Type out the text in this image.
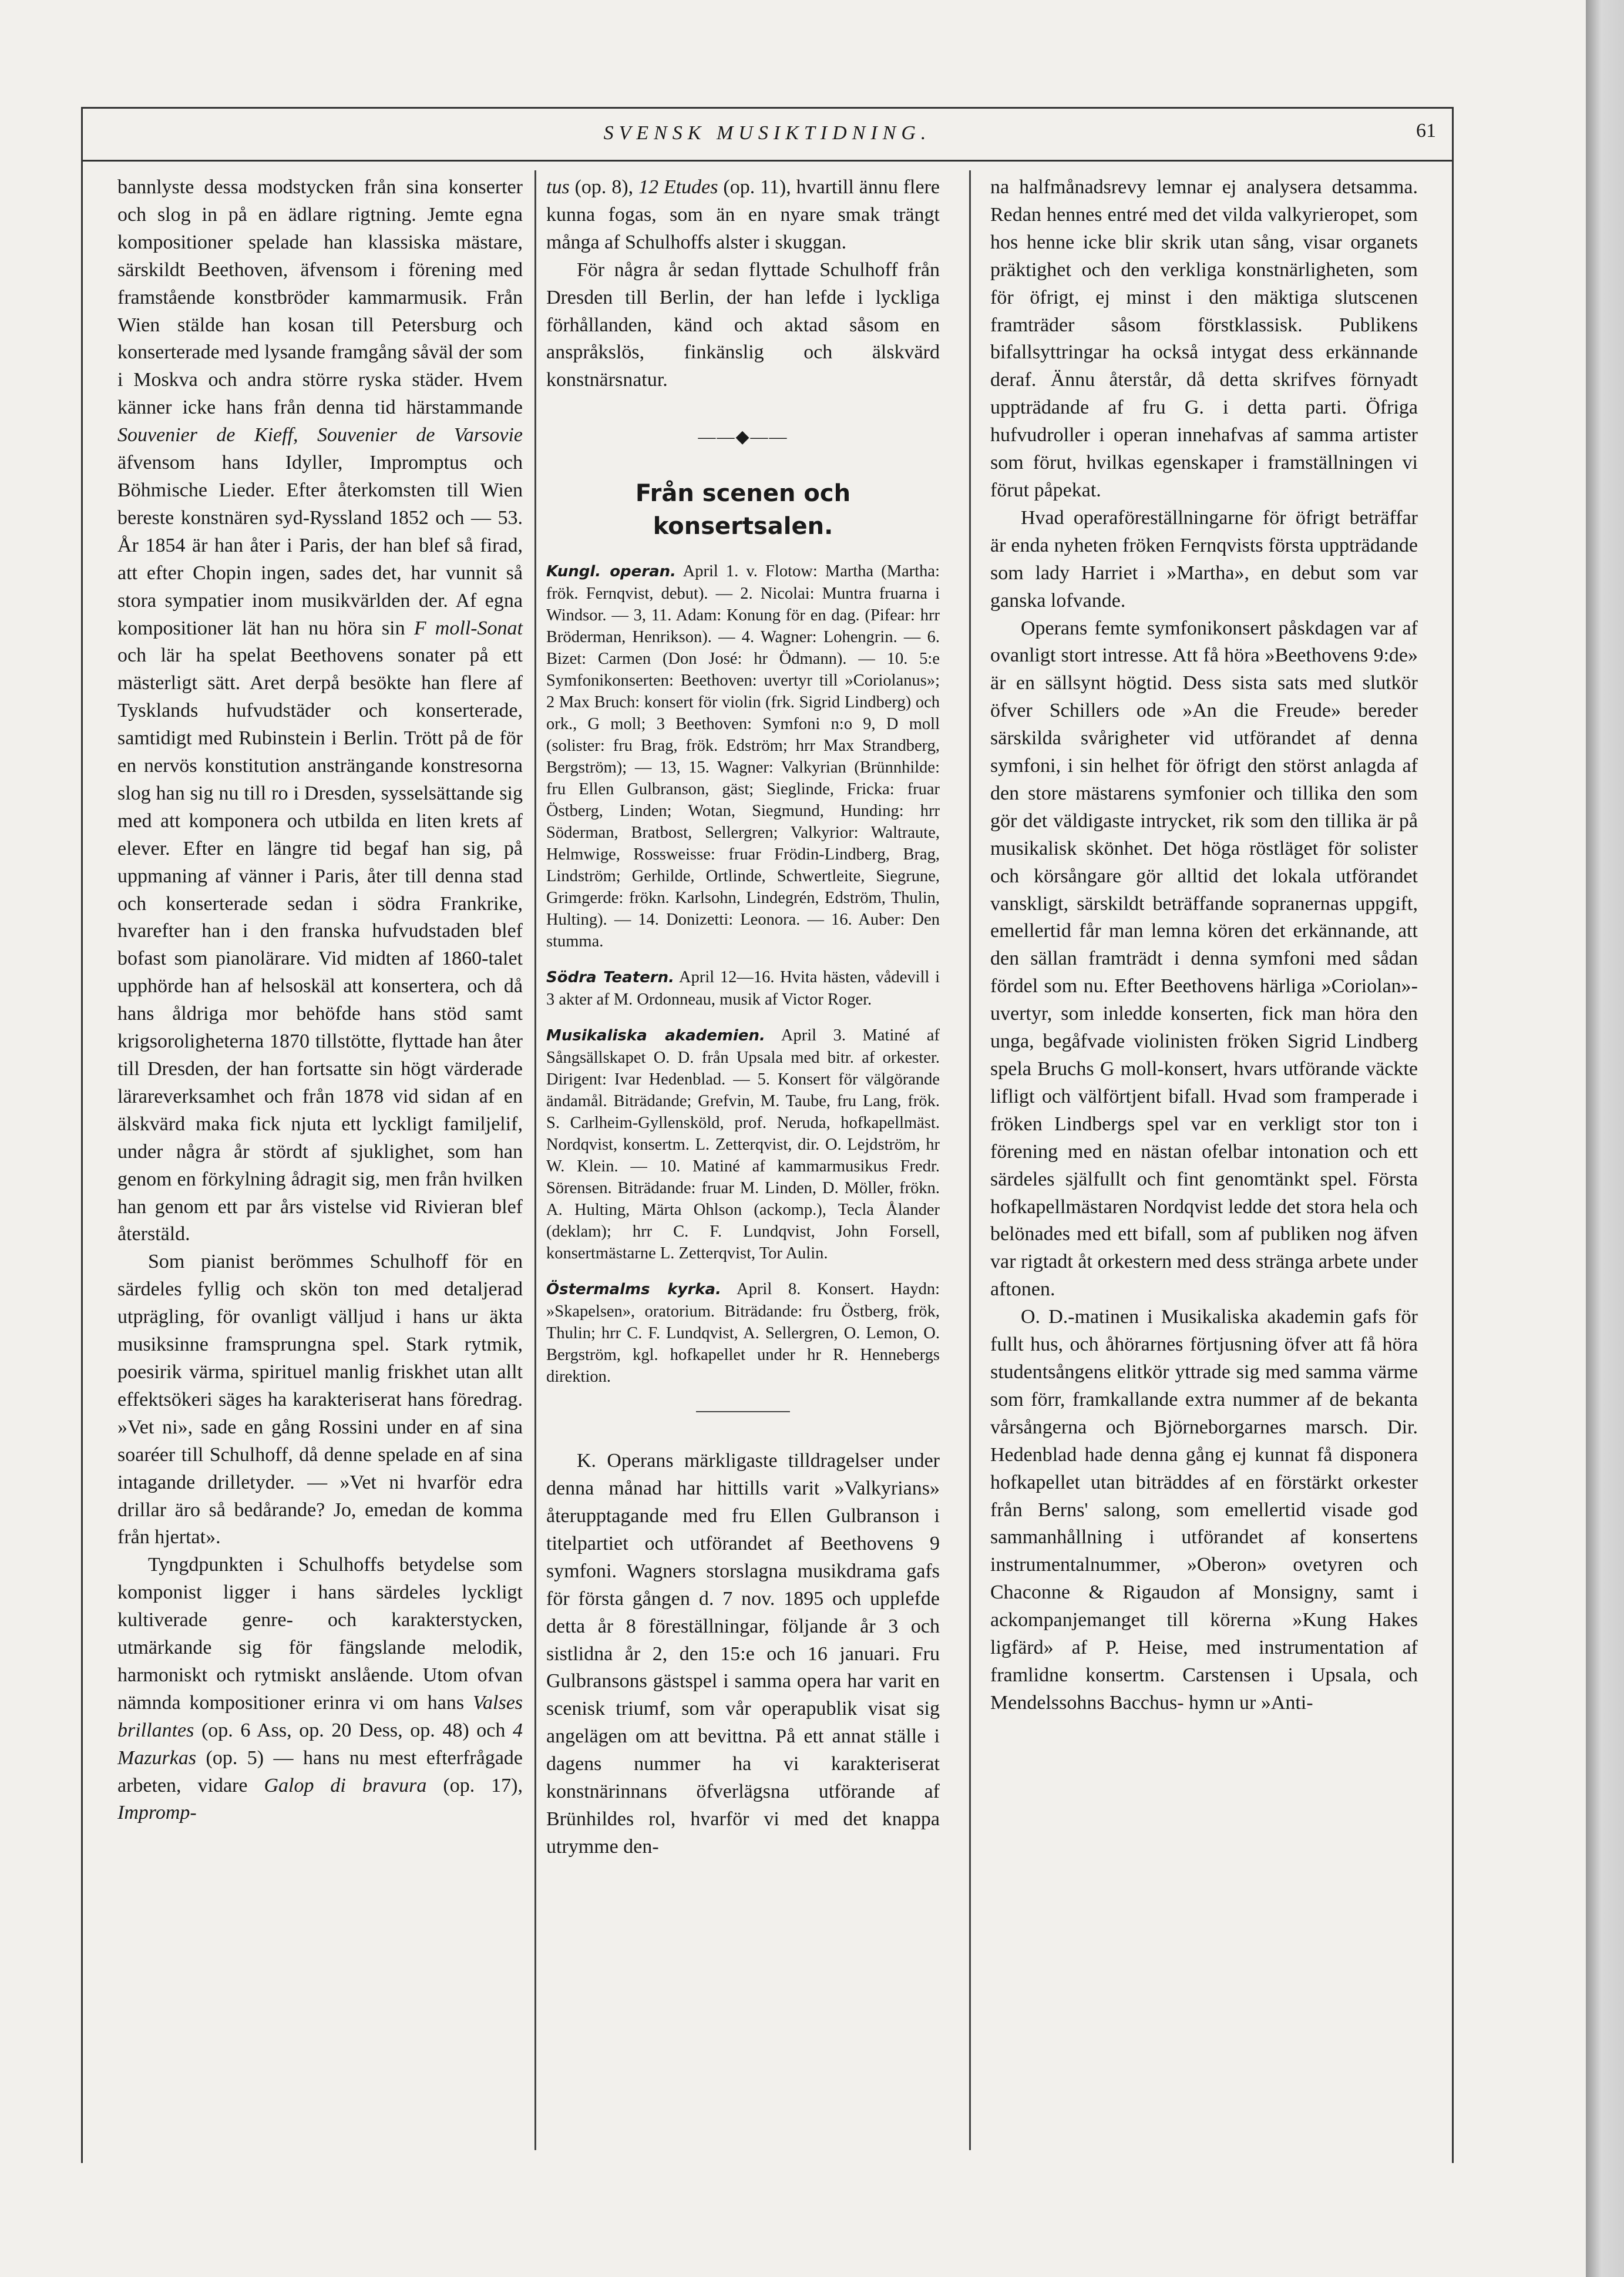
SVENSK MUSIKTIDNING.	61

bannlyste dessa modstycken från sina konserter och slog in på en ädlare rigtning. Jemte egna kompositioner spelade han klassiska mästare, särskildt Beethoven, äfvensom i förening med framstående konstbröder kammarmusik. Från Wien stälde han kosan till Petersburg och konserterade med lysande framgång såväl der som i Moskva och andra större ryska städer. Hvem känner icke hans från denna tid härstammande Souvenier de Kieff, Souvenier de Varsovie äfvensom hans Idyller, Impromptus och Böhmische Lieder. Efter återkomsten till Wien bereste konstnären syd-Ryssland 1852 och — 53. År 1854 är han åter i Paris, der han blef så firad, att efter Chopin ingen, sades det, har vunnit så stora sympatier inom musikvärlden der. Af egna kompositioner lät han nu höra sin F moll-Sonat och lär ha spelat Beethovens sonater på ett mästerligt sätt. Aret derpå besökte han flere af Tysklands hufvudstäder och konserterade, samtidigt med Rubinstein i Berlin. Trött på de för en nervös konstitution ansträngande konstresorna slog han sig nu till ro i Dresden, sysselsättande sig med att komponera och utbilda en liten krets af elever. Efter en längre tid begaf han sig, på uppmaning af vänner i Paris, åter till denna stad och konserterade sedan i södra Frankrike, hvarefter han i den franska hufvudstaden blef bofast som pianolärare. Vid midten af 1860-talet upphörde han af helsoskäl att konsertera, och då hans åldriga mor behöfde hans stöd samt krigsoroligheterna 1870 tillstötte, flyttade han åter till Dresden, der han fortsatte sin högt värderade lärareverksamhet och från 1878 vid sidan af en älskvärd maka fick njuta ett lyckligt familjelif, under några år stördt af sjuklighet, som han genom en förkylning ådragit sig, men från hvilken han genom ett par års vistelse vid Rivieran blef återstäld.

Som pianist berömmes Schulhoff för en särdeles fyllig och skön ton med detaljerad utprägling, för ovanligt välljud i hans ur äkta musiksinne framsprungna spel. Stark rytmik, poesirik värma, spirituel manlig friskhet utan allt effektsökeri säges ha karakteriserat hans föredrag. »Vet ni», sade en gång Rossini under en af sina soaréer till Schulhoff, då denne spelade en af sina intagande drilletyder. — »Vet ni hvarför edra drillar äro så bedårande? Jo, emedan de komma från hjertat».

Tyngdpunkten i Schulhoffs betydelse som komponist ligger i hans särdeles lyckligt kultiverade genre- och karakterstycken, utmärkande sig för fängslande melodik, harmoniskt och rytmiskt anslående. Utom ofvan nämnda kompositioner erinra vi om hans Valses brillantes (op. 6 Ass, op. 20 Dess, op. 48) och 4 Mazurkas (op. 5) — hans nu mest efterfrågade arbeten, vidare Galop di bravura (op. 17), Impromp-

tus (op. 8), 12 Etudes (op. 11), hvartill ännu flere kunna fogas, som än en nyare smak trängt många af Schulhoffs alster i skuggan.

För några år sedan flyttade Schulhoff från Dresden till Berlin, der han lefde i lyckliga förhållanden, känd och aktad såsom en anspråkslös, finkänslig och älskvärd konstnärsnatur.

——◆——
Från scenen och konsertsalen.

Kungl. operan. April 1. v. Flotow: Martha (Martha: frök. Fernqvist, debut). — 2. Nicolai: Muntra fruarna i Windsor. — 3, 11. Adam: Konung för en dag. (Pifear: hrr Bröderman, Henrikson). — 4. Wagner: Lohengrin. — 6. Bizet: Carmen (Don José: hr Ödmann). — 10. 5:e Symfonikonserten: Beethoven: uvertyr till »Coriolanus»; 2 Max Bruch: konsert för violin (frk. Sigrid Lindberg) och ork., G moll; 3 Beethoven: Symfoni n:o 9, D moll (solister: fru Brag, frök. Edström; hrr Max Strandberg, Bergström); — 13, 15. Wagner: Valkyrian (Brünnhilde: fru Ellen Gulbranson, gäst; Sieglinde, Fricka: fruar Östberg, Linden; Wotan, Siegmund, Hunding: hrr Söderman, Bratbost, Sellergren; Valkyrior: Waltraute, Helmwige, Rossweisse: fruar Frödin-Lindberg, Brag, Lindström; Gerhilde, Ortlinde, Schwertleite, Siegrune, Grimgerde: frökn. Karlsohn, Lindegrén, Edström, Thulin, Hulting). — 14. Donizetti: Leonora. — 16. Auber: Den stumma.

Södra Teatern. April 12—16. Hvita hästen, vådevill i 3 akter af M. Ordonneau, musik af Victor Roger.

Musikaliska akademien. April 3. Matiné af Sångsällskapet O. D. från Upsala med bitr. af orkester. Dirigent: Ivar Hedenblad. — 5. Konsert för välgörande ändamål. Biträdande; Grefvin, M. Taube, fru Lang, frök. S. Carlheim-Gyllensköld, prof. Neruda, hofkapellmäst. Nordqvist, konsertm. L. Zetterqvist, dir. O. Lejdström, hr W. Klein. — 10. Matiné af kammarmusikus Fredr. Sörensen. Biträdande: fruar M. Linden, D. Möller, frökn. A. Hulting, Märta Ohlson (ackomp.), Tecla Ålander (deklam); hrr C. F. Lundqvist, John Forsell, konsertmästarne L. Zetterqvist, Tor Aulin.

Östermalms kyrka. April 8. Konsert. Haydn: »Skapelsen», oratorium. Biträdande: fru Östberg, frök, Thulin; hrr C. F. Lundqvist, A. Sellergren, O. Lemon, O. Bergström, kgl. hofkapellet under hr R. Hennebergs direktion.

K. Operans märkligaste tilldragelser under denna månad har hittills varit »Valkyrians» återupptagande med fru Ellen Gulbranson i titelpartiet och utförandet af Beethovens 9 symfoni. Wagners storslagna musikdrama gafs för första gången d. 7 nov. 1895 och upplefde detta år 8 föreställningar, följande år 3 och sistlidna år 2, den 15:e och 16 januari. Fru Gulbransons gästspel i samma opera har varit en scenisk triumf, som vår operapublik visat sig angelägen om att bevittna. På ett annat ställe i dagens nummer ha vi karakteriserat konstnärinnans öfverlägsna utförande af Brünhildes rol, hvarför vi med det knappa utrymme den-

na halfmånadsrevy lemnar ej analysera detsamma. Redan hennes entré med det vilda valkyrieropet, som hos henne icke blir skrik utan sång, visar organets präktighet och den verkliga konstnärligheten, som för öfrigt, ej minst i den mäktiga slutscenen framträder såsom förstklassisk. Publikens bifallsyttringar ha också intygat dess erkännande deraf. Ännu återstår, då detta skrifves förnyadt uppträdande af fru G. i detta parti. Öfriga hufvudroller i operan innehafvas af samma artister som förut, hvilkas egenskaper i framställningen vi förut påpekat.

Hvad operaföreställningarne för öfrigt beträffar är enda nyheten fröken Fernqvists första uppträdande som lady Harriet i »Martha», en debut som var ganska lofvande.

Operans femte symfonikonsert påskdagen var af ovanligt stort intresse. Att få höra »Beethovens 9:de» är en sällsynt högtid. Dess sista sats med slutkör öfver Schillers ode »An die Freude» bereder särskilda svårigheter vid utförandet af denna symfoni, i sin helhet för öfrigt den störst anlagda af den store mästarens symfonier och tillika den som gör det väldigaste intrycket, rik som den tillika är på musikalisk skönhet. Det höga röstläget för solister och körsångare gör alltid det lokala utförandet vanskligt, särskildt beträffande sopranernas uppgift, emellertid får man lemna kören det erkännande, att den sällan framträdt i denna symfoni med sådan fördel som nu. Efter Beethovens härliga »Coriolan»-uvertyr, som inledde konserten, fick man höra den unga, begåfvade violinisten fröken Sigrid Lindberg spela Bruchs G moll-konsert, hvars utförande väckte lifligt och välförtjent bifall. Hvad som framperade i fröken Lindbergs spel var en verkligt stor ton i förening med en nästan ofelbar intonation och ett särdeles själfullt och fint genomtänkt spel. Första hofkapellmästaren Nordqvist ledde det stora hela och belönades med ett bifall, som af publiken nog äfven var rigtadt åt orkestern med dess stränga arbete under aftonen.

O. D.-matinen i Musikaliska akademin gafs för fullt hus, och åhörarnes förtjusning öfver att få höra studentsångens elitkör yttrade sig med samma värme som förr, framkallande extra nummer af de bekanta vårsångerna och Björneborgarnes marsch. Dir. Hedenblad hade denna gång ej kunnat få disponera hofkapellet utan biträddes af en förstärkt orkester från Berns' salong, som emellertid visade god sammanhållning i utförandet af konsertens instrumentalnummer, »Oberon» ovetyren och Chaconne & Rigaudon af Monsigny, samt i ackompanjemanget till körerna »Kung Hakes ligfärd» af P. Heise, med instrumentation af framlidne konsertm. Carstensen i Upsala, och Mendelssohns Bacchus- hymn ur »Anti-
